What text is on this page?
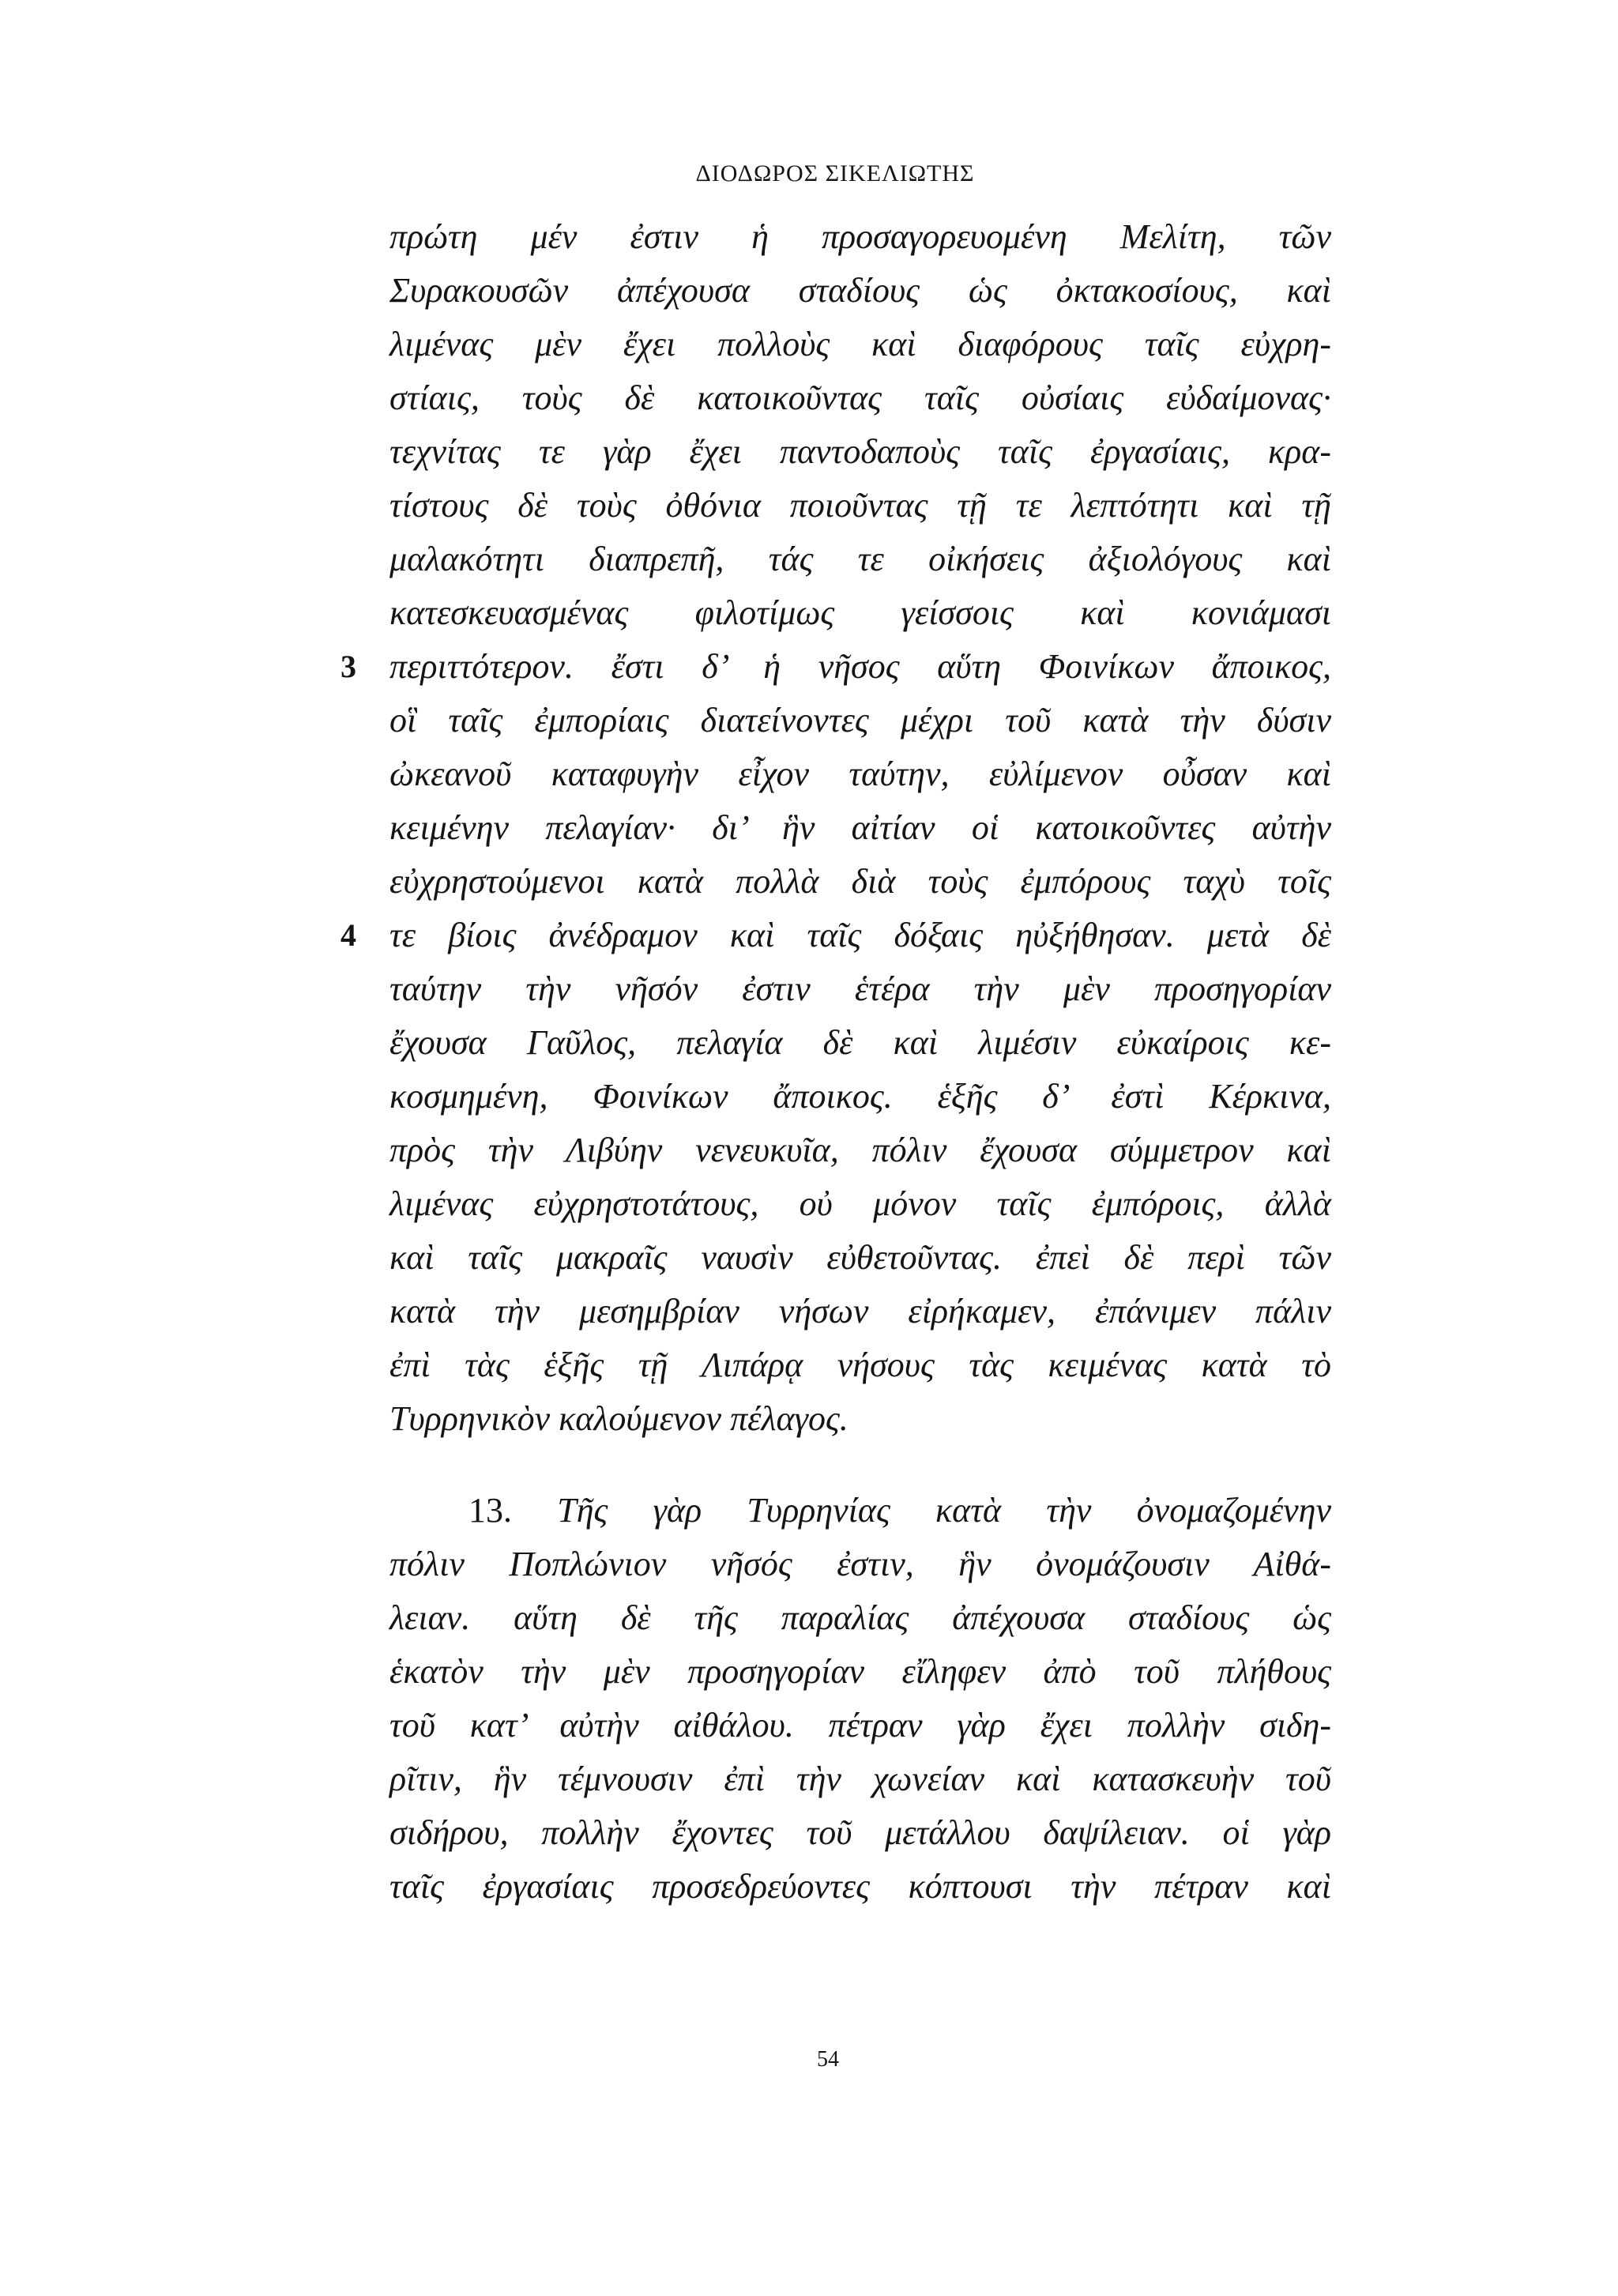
ΔΙΟΔΩΡΟΣ ΣΙΚΕΛΙΩΤΗΣ
πρώτη μέν ἐστιν ἡ προσαγορευομένη Μελίτη, τῶν
Συρακουσῶν ἀπέχουσα σταδίους ὡς ὀκτακοσίους, καὶ
λιμένας μὲν ἔχει πολλοὺς καὶ διαφόρους ταῖς εὐχρη-
στίαις, τοὺς δὲ κατοικοῦντας ταῖς οὐσίαις εὐδαίμονας·
τεχνίτας τε γὰρ ἔχει παντοδαποὺς ταῖς ἐργασίαις, κρα-
τίστους δὲ τοὺς ὀθόνια ποιοῦντας τῇ τε λεπτότητι καὶ τῇ
μαλακότητι διαπρεπῆ, τάς τε οἰκήσεις ἀξιολόγους καὶ
κατεσκευασμένας φιλοτίμως γείσσοις καὶ κονιάμασι
3 περιττότερον. ἔστι δ’ ἡ νῆσος αὕτη Φοινίκων ἄποικος,
οἳ ταῖς ἐμπορίαις διατείνοντες μέχρι τοῦ κατὰ τὴν δύσιν
ὠκεανοῦ καταφυγὴν εἶχον ταύτην, εὐλίμενον οὖσαν καὶ
κειμένην πελαγίαν· δι’ ἣν αἰτίαν οἱ κατοικοῦντες αὐτὴν
εὐχρηστούμενοι κατὰ πολλὰ διὰ τοὺς ἐμπόρους ταχὺ τοῖς
4 τε βίοις ἀνέδραμον καὶ ταῖς δόξαις ηὐξήθησαν. μετὰ δὲ
ταύτην τὴν νῆσόν ἐστιν ἑτέρα τὴν μὲν προσηγορίαν
ἔχουσα Γαῦλος, πελαγία δὲ καὶ λιμέσιν εὐκαίροις κε-
κοσμημένη, Φοινίκων ἄποικος. ἑξῆς δ’ ἐστὶ Κέρκινα,
πρὸς τὴν Λιβύην νενευκυῖα, πόλιν ἔχουσα σύμμετρον καὶ
λιμένας εὐχρηστοτάτους, οὐ μόνον ταῖς ἐμπόροις, ἀλλὰ
καὶ ταῖς μακραῖς ναυσὶν εὐθετοῦντας. ἐπεὶ δὲ περὶ τῶν
κατὰ τὴν μεσημβρίαν νήσων εἰρήκαμεν, ἐπάνιμεν πάλιν
ἐπὶ τὰς ἑξῆς τῇ Λιπάρᾳ νήσους τὰς κειμένας κατὰ τὸ
Τυρρηνικὸν καλούμενον πέλαγος.
13. Τῆς γὰρ Τυρρηνίας κατὰ τὴν ὀνομαζομένην
πόλιν Ποπλώνιον νῆσός ἐστιν, ἣν ὀνομάζουσιν Αἰθά-
λειαν. αὕτη δὲ τῆς παραλίας ἀπέχουσα σταδίους ὡς
ἑκατὸν τὴν μὲν προσηγορίαν εἴληφεν ἀπὸ τοῦ πλήθους
τοῦ κατ’ αὐτὴν αἰθάλου. πέτραν γὰρ ἔχει πολλὴν σιδη-
ρῖτιν, ἣν τέμνουσιν ἐπὶ τὴν χωνείαν καὶ κατασκευὴν τοῦ
σιδήρου, πολλὴν ἔχοντες τοῦ μετάλλου δαψίλειαν. οἱ γὰρ
ταῖς ἐργασίαις προσεδρεύοντες κόπτουσι τὴν πέτραν καὶ
54
